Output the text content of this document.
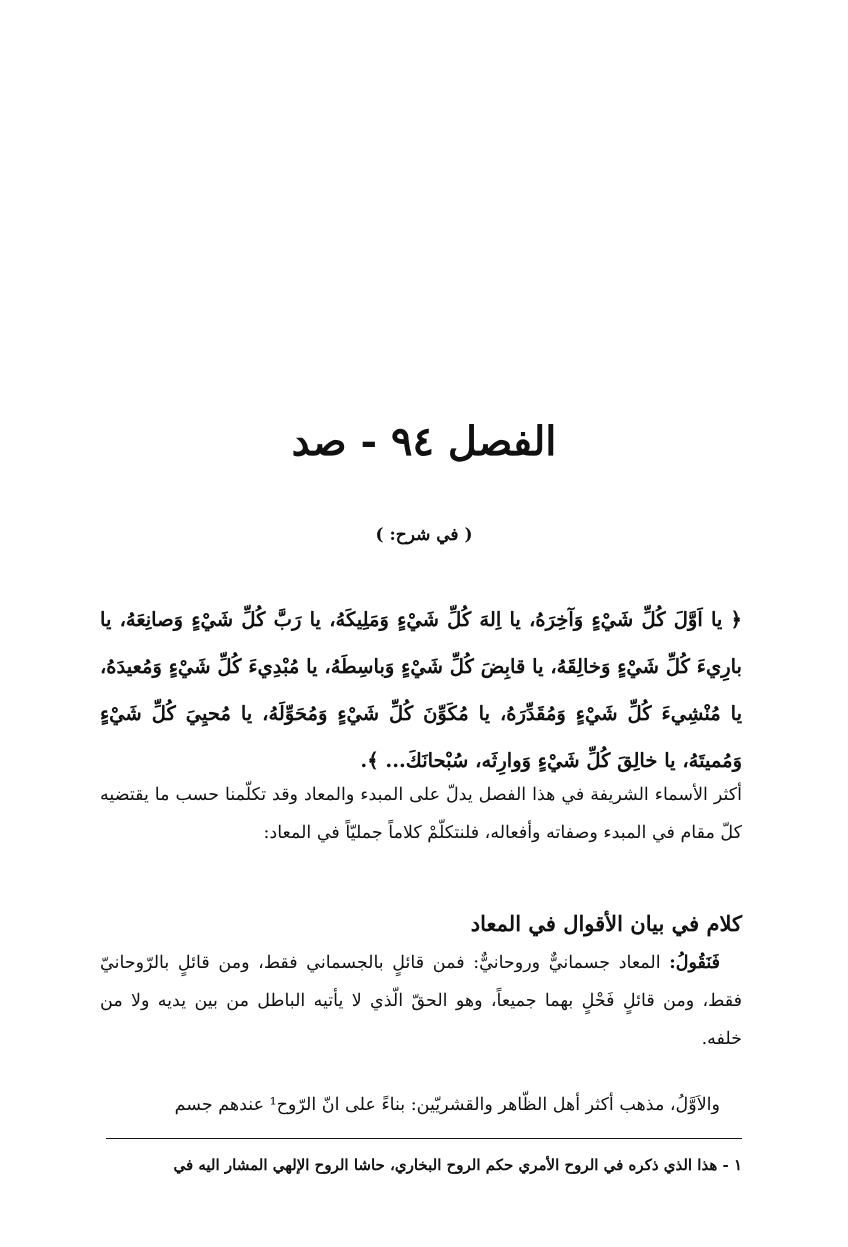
الفصل ٩٤ - صد
( في شرح: )

﴿ يا اَوَّلَ كُلِّ شَيْءٍ وَآخِرَهُ، يا اِلهَ كُلِّ شَيْءٍ وَمَلِيكَهُ، يا رَبَّ كُلِّ شَيْءٍ وَصانِعَهُ، يا بارِيءَ كُلِّ شَيْءٍ وَخالِقَهُ، يا قابِضَ كُلِّ شَيْءٍ وَباسِطَهُ، يا مُبْدِيءَ كُلِّ شَيْءٍ وَمُعيدَهُ، يا مُنْشِيءَ كُلِّ شَيْءٍ وَمُقَدِّرَهُ، يا مُكَوِّنَ كُلِّ شَيْءٍ وَمُحَوِّلَهُ، يا مُحيِيَ كُلِّ شَيْءٍ وَمُميتَهُ، يا خالِقَ كُلِّ شَيْءٍ وَوارِثَه، سُبْحانَكَ... ﴾.

أكثر الأسماء الشريفة في هذا الفصل يدلّ على المبدء والمعاد وقد تكلّمنا حسب ما يقتضيه كلّ مقام في المبدء وصفاته وأفعاله، فلنتكلّمْ كلاماً جمليّاً في المعاد:

كلام في بيان الأقوال في المعاد

فَنَقُولُ: المعاد جسمانيٌّ وروحانيٌّ: فمن قائلٍ بالجسماني فقط، ومن قائلٍ بالرّوحانيّ فقط، ومن قائلٍ فَحْلٍ بهما جميعاً، وهو الحقّ الّذي لا يأتيه الباطل من بين يديه ولا من خلفه.

والاَوَّلُ، مذهب أكثر أهل الظّاهر والقشريّين: بناءً على انّ الرّوح¹ عندهم جسم

١ - هذا الذي ذكره في الروح الأمري حكم الروح البخاري، حاشا الروح الإلهي المشار اليه في
